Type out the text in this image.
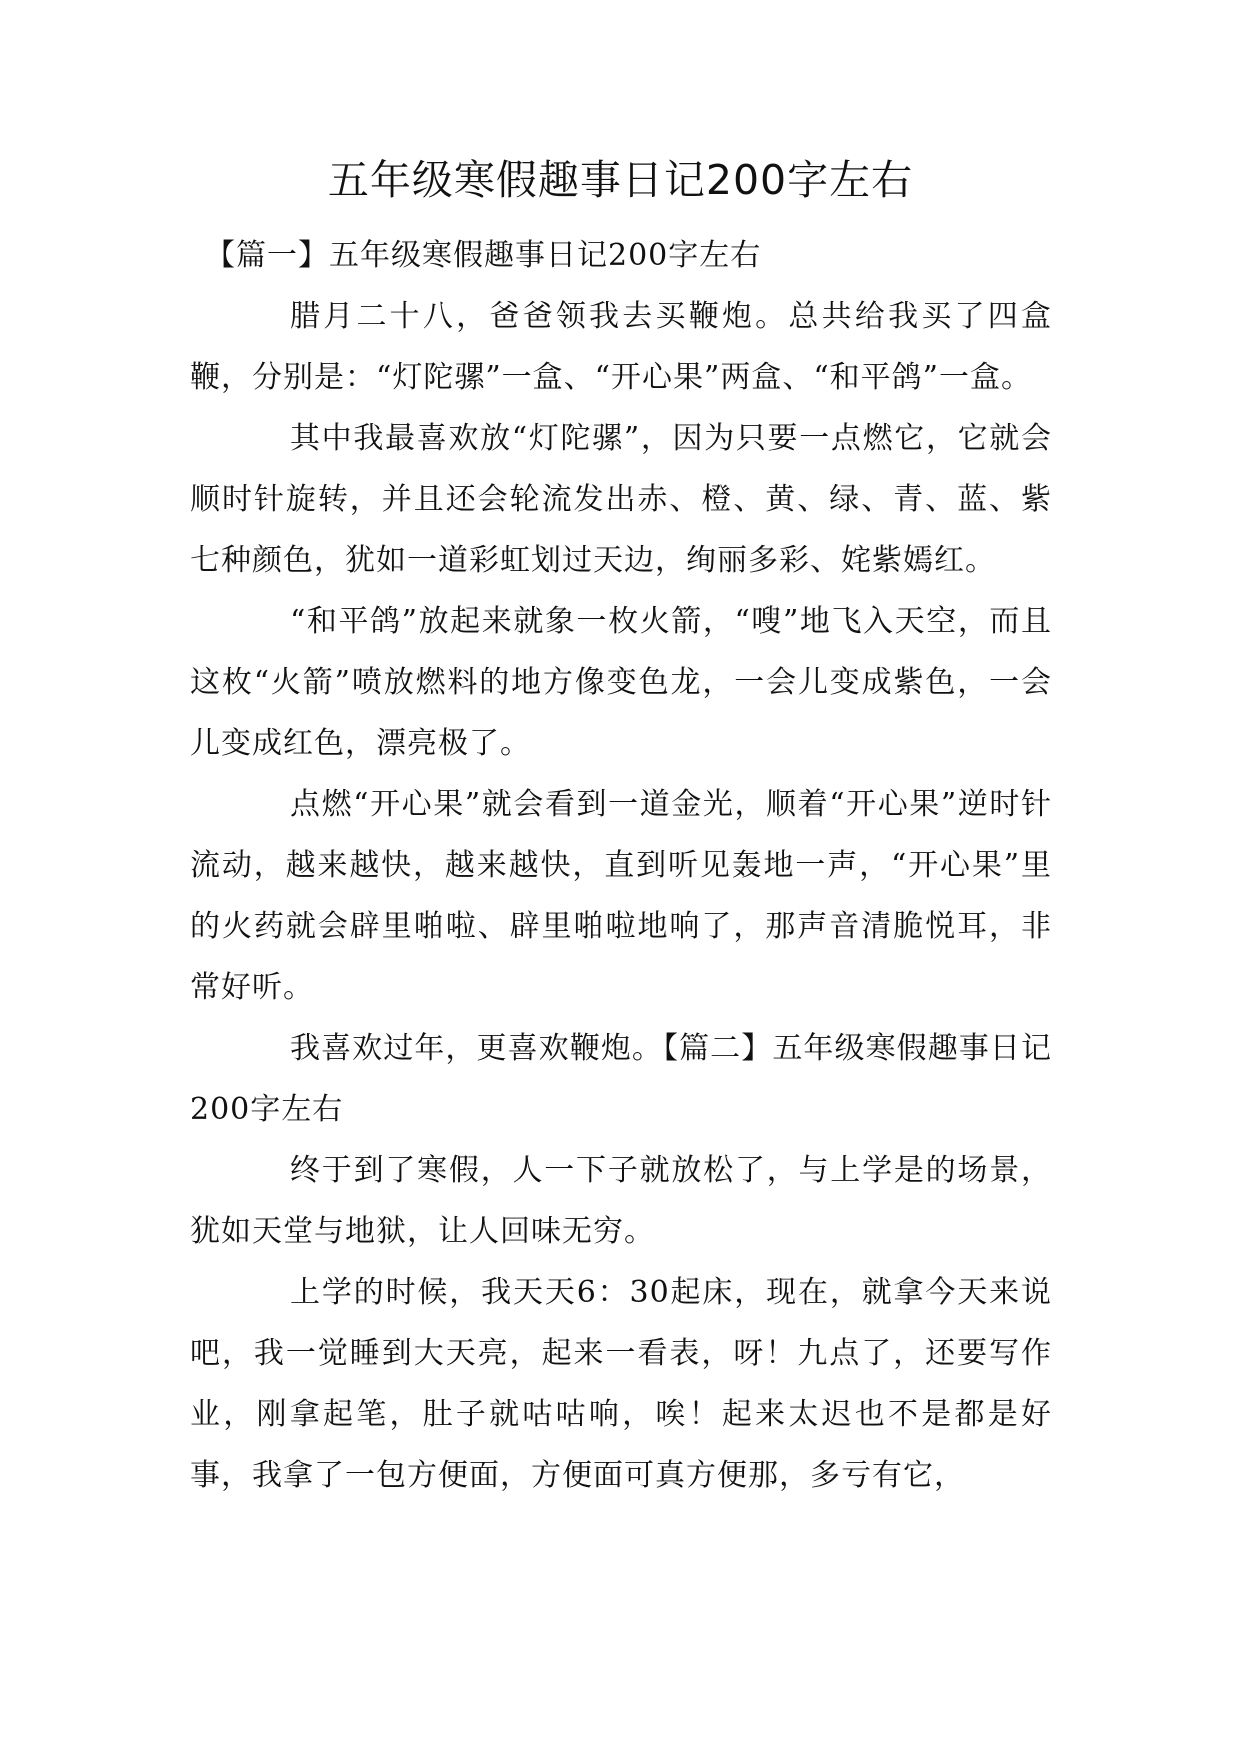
五年级寒假趣事日记200字左右

【篇一】五年级寒假趣事日记200字左右

腊月二十八，爸爸领我去买鞭炮。总共给我买了四盒鞭，分别是：“灯陀骡”一盒、“开心果”两盒、“和平鸽”一盒。

其中我最喜欢放“灯陀骡”，因为只要一点燃它，它就会顺时针旋转，并且还会轮流发出赤、橙、黄、绿、青、蓝、紫七种颜色，犹如一道彩虹划过天边，绚丽多彩、姹紫嫣红。

“和平鸽”放起来就象一枚火箭，“嗖”地飞入天空，而且这枚“火箭”喷放燃料的地方像变色龙，一会儿变成紫色，一会儿变成红色，漂亮极了。

点燃“开心果”就会看到一道金光，顺着“开心果”逆时针流动，越来越快，越来越快，直到听见轰地一声，“开心果”里的火药就会辟里啪啦、辟里啪啦地响了，那声音清脆悦耳，非常好听。

我喜欢过年，更喜欢鞭炮。【篇二】五年级寒假趣事日记200字左右

终于到了寒假，人一下子就放松了，与上学是的场景，犹如天堂与地狱，让人回味无穷。

上学的时候，我天天6：30起床，现在，就拿今天来说吧，我一觉睡到大天亮，起来一看表，呀！九点了，还要写作业，刚拿起笔，肚子就咕咕响，唉！起来太迟也不是都是好事，我拿了一包方便面，方便面可真方便那，多亏有它，
